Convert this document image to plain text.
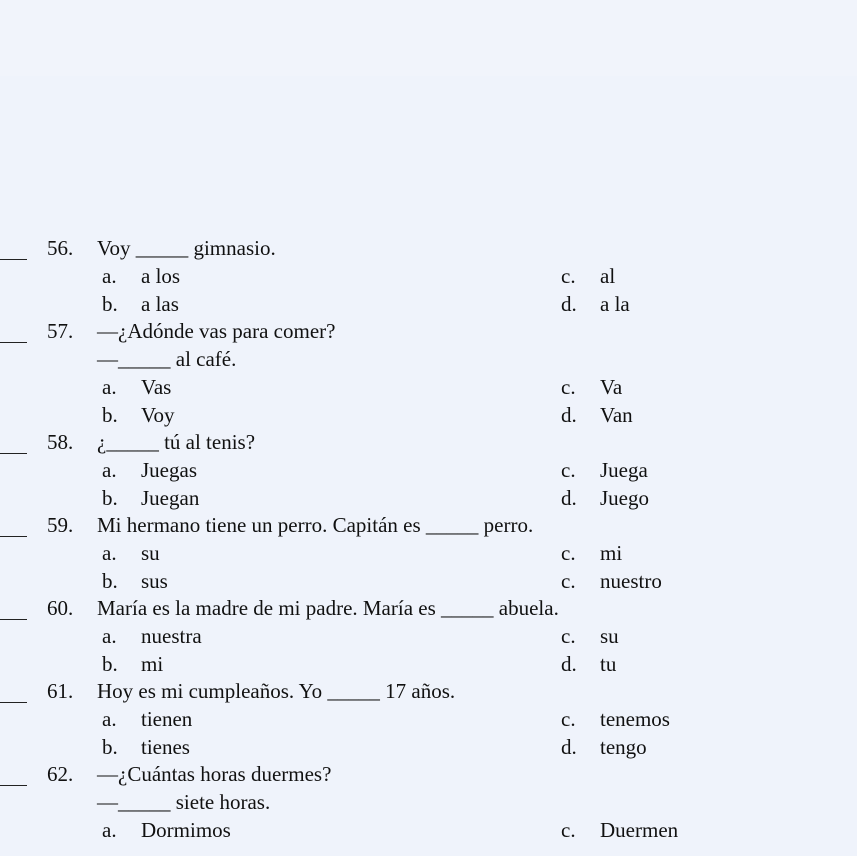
56. Voy _____ gimnasio.
a. a los	c. al
b. a las	d. a la
57. —¿Adónde vas para comer?
—_____ al café.
a. Vas	c. Va
b. Voy	d. Van
58. ¿_____ tú al tenis?
a. Juegas	c. Juega
b. Juegan	d. Juego
59. Mi hermano tiene un perro. Capitán es _____ perro.
a. su	c. mi
b. sus	c. nuestro
60. María es la madre de mi padre. María es _____ abuela.
a. nuestra	c. su
b. mi	d. tu
61. Hoy es mi cumpleaños. Yo _____ 17 años.
a. tienen	c. tenemos
b. tienes	d. tengo
62. —¿Cuántas horas duermes?
—_____ siete horas.
a. Dormimos	c. Duermen
